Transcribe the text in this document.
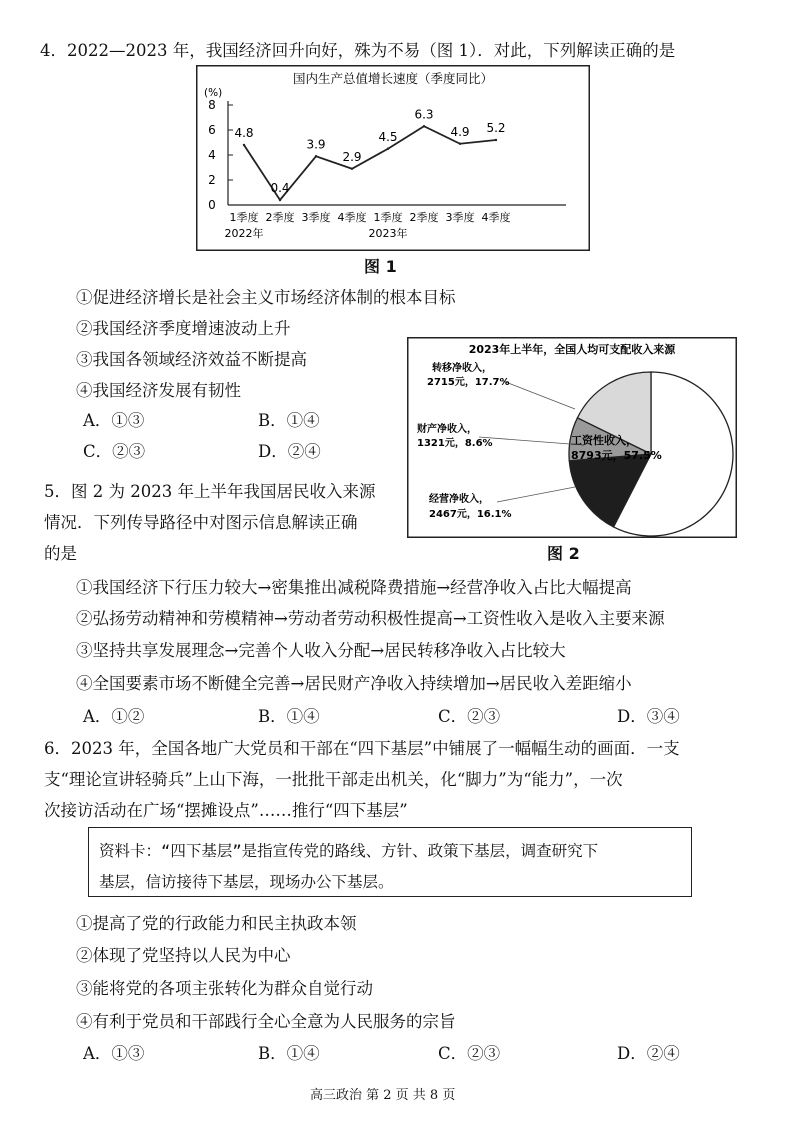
4．2022—2023 年，我国经济回升向好，殊为不易（图 1）．对此，下列解读正确的是
国内生产总值增长速度（季度同比）
(%)
0
2
4
6
8
1季度 2季度 3季度 4季度 1季度 2季度 3季度 4季度
2022年	2023年
4.8
0.4
3.9
2.9
4.5
6.3
4.9 5.2
图 1
①促进经济增长是社会主义市场经济体制的根本目标
②我国经济季度增速波动上升
③我国各领域经济效益不断提高
④我国经济发展有韧性
A．①③	B．①④
C．②③	D．②④
2023年上半年，全国人均可支配收入来源
转移净收入，
2715元，17.7%
财产净收入，
1321元，8.6%	工资性收入，
8793元，57.5%
经营净收入，
2467元，16.1%
图 2
5．图 2 为 2023 年上半年我国居民收入来源
情况．下列传导路径中对图示信息解读正确
的是
①我国经济下行压力较大→密集推出减税降费措施→经营净收入占比大幅提高
②弘扬劳动精神和劳模精神→劳动者劳动积极性提高→工资性收入是收入主要来源
③坚持共享发展理念→完善个人收入分配→居民转移净收入占比较大
④全国要素市场不断健全完善→居民财产净收入持续增加→居民收入差距缩小
A．①②	B．①④	C．②③	D．③④
6．2023 年，全国各地广大党员和干部在“四下基层”中铺展了一幅幅生动的画面．一支
支“理论宣讲轻骑兵”上山下海，一批批干部走出机关，化“脚力”为“能力”，一次
次接访活动在广场“摆摊设点”……推行“四下基层”
资料卡：“四下基层”是指宣传党的路线、方针、政策下基层，调查研究下
基层，信访接待下基层，现场办公下基层。
①提高了党的行政能力和民主执政本领
②体现了党坚持以人民为中心
③能将党的各项主张转化为群众自觉行动
④有利于党员和干部践行全心全意为人民服务的宗旨
A．①③	B．①④	C．②③	D．②④
高三政治 第 2 页 共 8 页
